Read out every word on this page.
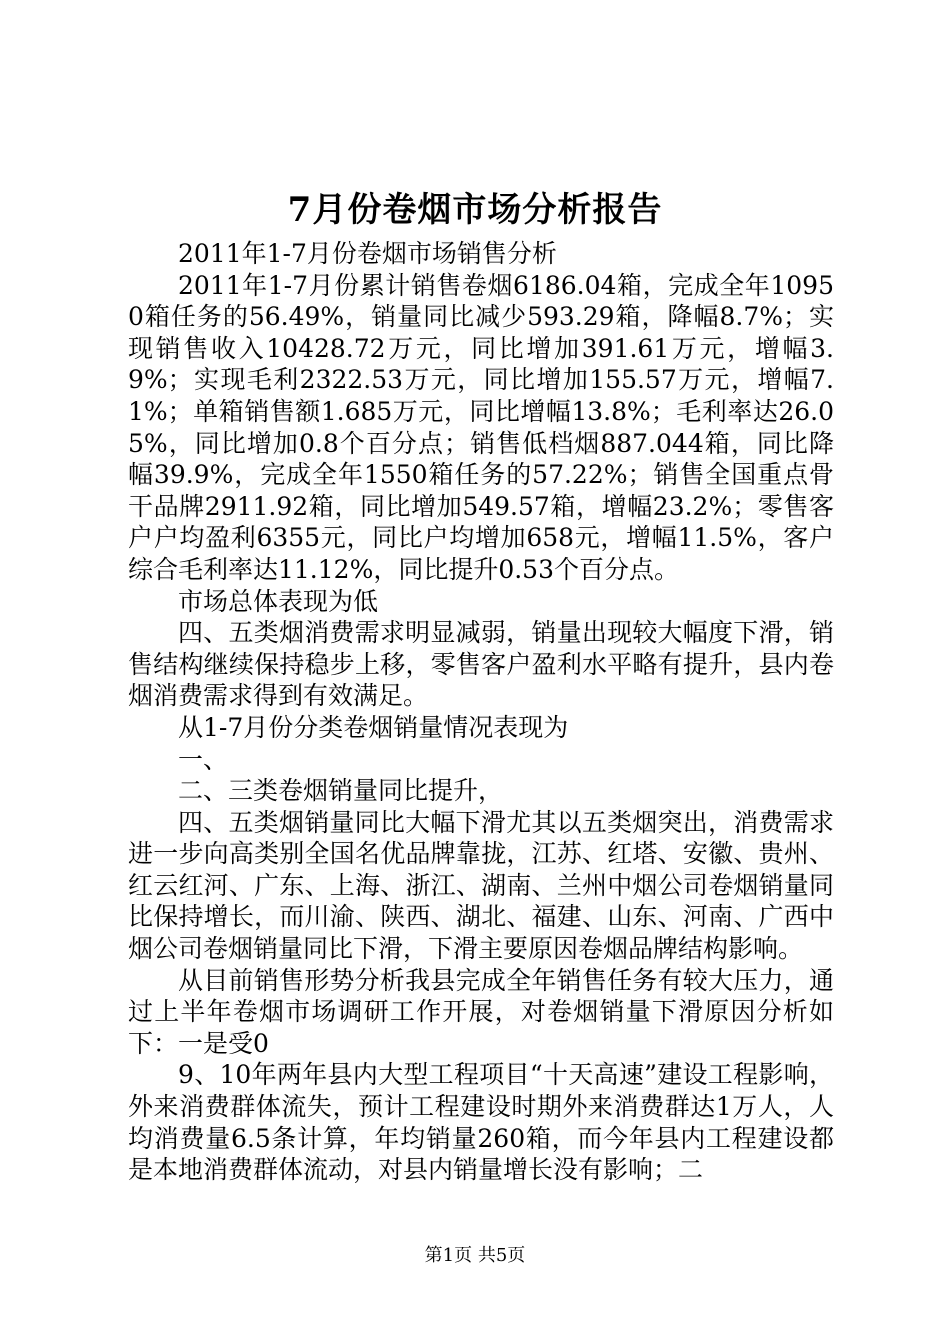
7月份卷烟市场分析报告

2011年1-7月份卷烟市场销售分析

2011年1-7月份累计销售卷烟6186.04箱，完成全年10950箱任务的56.49%，销量同比减少593.29箱，降幅8.7%；实现销售收入10428.72万元，同比增加391.61万元，增幅3.9%；实现毛利2322.53万元，同比增加155.57万元，增幅7.1%；单箱销售额1.685万元，同比增幅13.8%；毛利率达26.05%，同比增加0.8个百分点；销售低档烟887.044箱，同比降幅39.9%，完成全年1550箱任务的57.22%；销售全国重点骨干品牌2911.92箱，同比增加549.57箱，增幅23.2%；零售客户户均盈利6355元，同比户均增加658元，增幅11.5%，客户综合毛利率达11.12%，同比提升0.53个百分点。

市场总体表现为低

四、五类烟消费需求明显减弱，销量出现较大幅度下滑，销售结构继续保持稳步上移，零售客户盈利水平略有提升，县内卷烟消费需求得到有效满足。

从1-7月份分类卷烟销量情况表现为

一、

二、三类卷烟销量同比提升，

四、五类烟销量同比大幅下滑尤其以五类烟突出，消费需求进一步向高类别全国名优品牌靠拢，江苏、红塔、安徽、贵州、红云红河、广东、上海、浙江、湖南、兰州中烟公司卷烟销量同比保持增长，而川渝、陕西、湖北、福建、山东、河南、广西中烟公司卷烟销量同比下滑，下滑主要原因卷烟品牌结构影响。

从目前销售形势分析我县完成全年销售任务有较大压力，通过上半年卷烟市场调研工作开展，对卷烟销量下滑原因分析如下：一是受0

9、10年两年县内大型工程项目“十天高速”建设工程影响，外来消费群体流失，预计工程建设时期外来消费群达1万人，人均消费量6.5条计算，年均销量260箱，而今年县内工程建设都是本地消费群体流动，对县内销量增长没有影响；二

第1页 共5页
